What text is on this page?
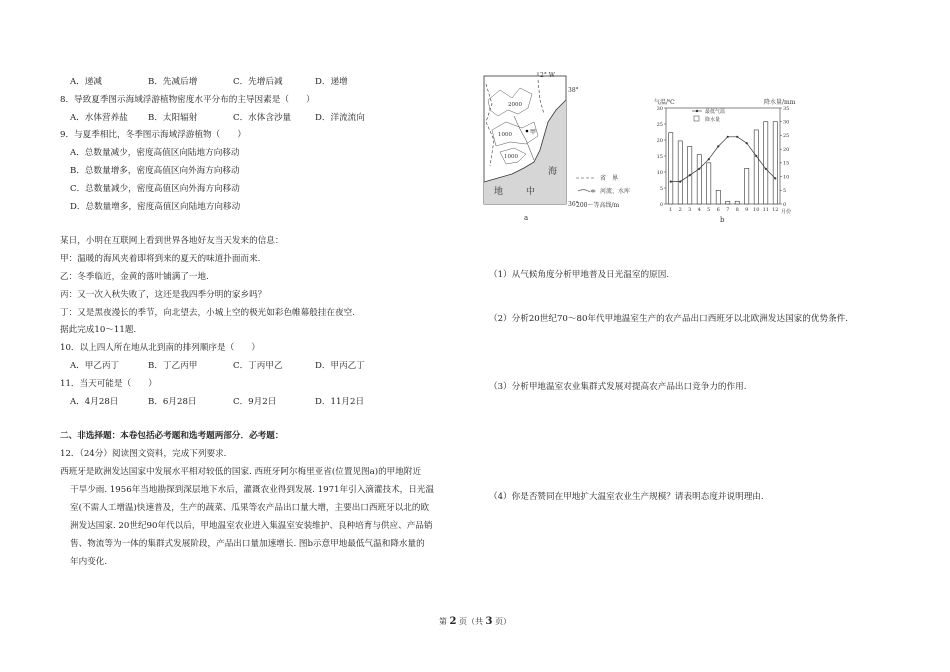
A．递减	B．先减后增	C．先增后减	D．递增
8．导致夏季图示海域浮游植物密度水平分布的主导因素是（　　）
A．水体营养盐 B．太阳辐射	C．水体含沙量	D．洋流流向
9．与夏季相比，冬季图示海域浮游植物（　　）
A．总数量减少，密度高值区向陆地方向移动
B．总数量增多，密度高值区向外海方向移动
C．总数量减少，密度高值区向外海方向移动
D．总数量增多，密度高值区向陆地方向移动
某日，小明在互联网上看到世界各地好友当天发来的信息：
甲：温暖的海风夹着即将到来的夏天的味道扑面而来.
乙：冬季临近，金黄的落叶铺满了一地.
丙：又一次入秋失败了，这还是我四季分明的家乡吗？
丁：又是黑夜漫长的季节，向北望去，小城上空的极光如彩色帷幕般挂在夜空.
据此完成10～11题.
10．以上四人所在地从北到南的排列顺序是（　　）
A．甲乙丙丁	B．丁乙丙甲	C．丁丙甲乙	D．甲丙乙丁
11．当天可能是（　　）
A．4月28日	B．6月28日	C．9月2日	D．11月2日
二、非选择题：本卷包括必考题和选考题两部分．必考题：
12．（24分）阅读图文资料，完成下列要求.
西班牙是欧洲发达国家中发展水平相对较低的国家. 西班牙阿尔梅里亚省(位置见图a)的甲地附近
干旱少雨. 1956年当地勘探到深层地下水后，灌溉农业得到发展. 1971年引入滴灌技术，日光温
室(不需人工增温)快速普及，生产的蔬菜、瓜果等农产品出口量大增，主要出口西班牙以北的欧
洲发达国家. 20世纪90年代以后，甲地温室农业进入集温室安装维护、良种培育与供应、产品销
售、物流等为一体的集群式发展阶段，产品出口量加速增长. 图b示意甲地最低气温和降水量的
年内变化.
2° W
38°
36°
2000
1000
1000
甲
地	中
海
省　界
河流、水库
200～等高线/m
a
气温/℃	降水量/mm
最低气温
降水量
0
5
10
15
20
25
30
0
5
10
15
20
25
30
35
1 2 3 4 5 6 7 8 9 10 11 12 月份
b
（1）从气候角度分析甲地普及日光温室的原因.
（2）分析20世纪70～80年代甲地温室生产的农产品出口西班牙以北欧洲发达国家的优势条件.
（3）分析甲地温室农业集群式发展对提高农产品出口竞争力的作用.
（4）你是否赞同在甲地扩大温室农业生产规模？请表明态度并说明理由.
第 2 页（共 3 页）
